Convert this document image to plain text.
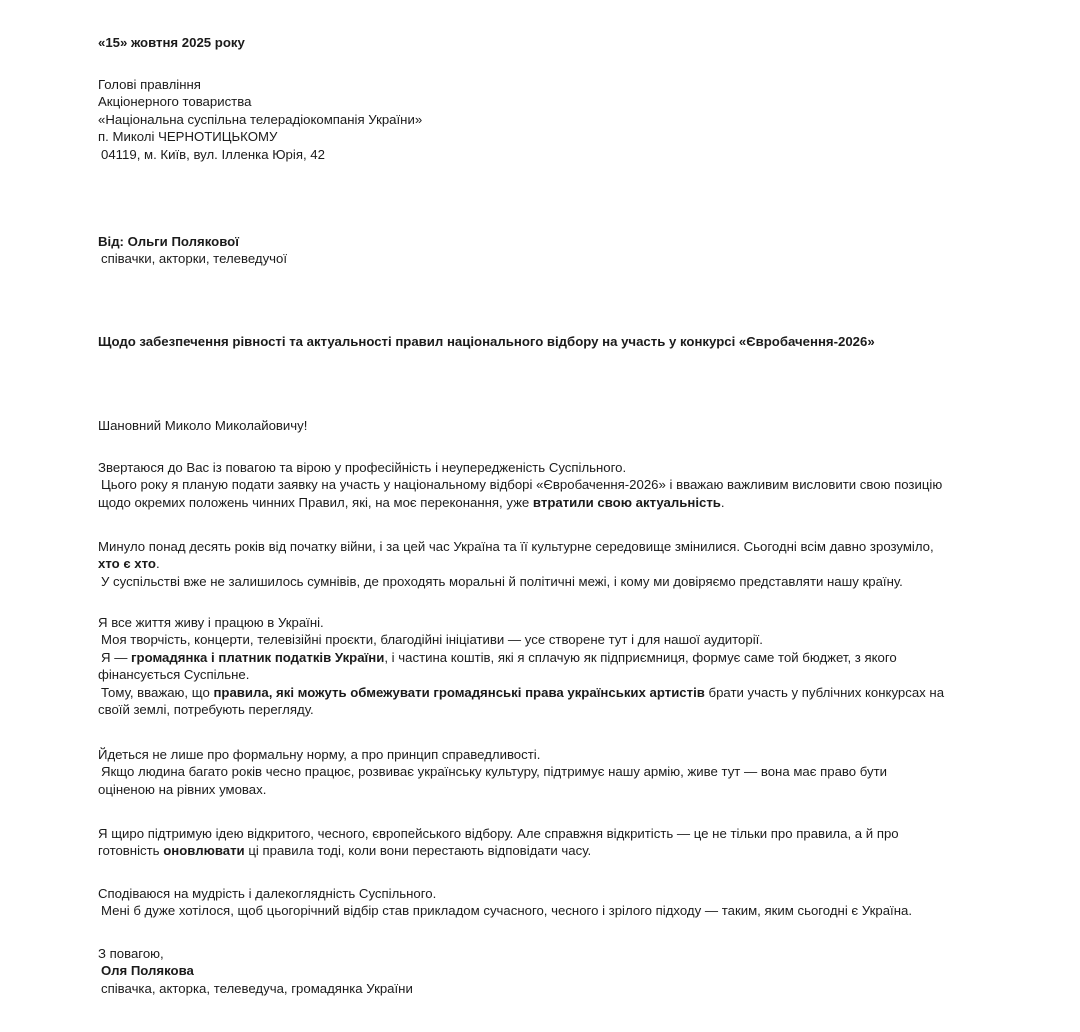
«15» жовтня 2025 року

Голові правління
Акціонерного товариства
«Національна суспільна телерадіокомпанія України»
п. Миколі ЧЕРНОТИЦЬКОМУ
04119, м. Київ, вул. Ілленка Юрія, 42

Від: Ольги Полякової
співачки, акторки, телеведучої

Щодо забезпечення рівності та актуальності правил національного відбору на участь у конкурсі «Євробачення-2026»

Шановний Миколо Миколайовичу!

Звертаюся до Вас із повагою та вірою у професійність і неупередженість Суспільного.
Цього року я планую подати заявку на участь у національному відборі «Євробачення-2026» і вважаю важливим висловити свою позицію
щодо окремих положень чинних Правил, які, на моє переконання, уже втратили свою актуальність.

Минуло понад десять років від початку війни, і за цей час Україна та її культурне середовище змінилися. Сьогодні всім давно зрозуміло,
хто є хто.
У суспільстві вже не залишилось сумнівів, де проходять моральні й політичні межі, і кому ми довіряємо представляти нашу країну.

Я все життя живу і працюю в Україні.
Моя творчість, концерти, телевізійні проєкти, благодійні ініціативи — усе створене тут і для нашої аудиторії.
Я — громадянка і платник податків України, і частина коштів, які я сплачую як підприємниця, формує саме той бюджет, з якого
фінансується Суспільне.
Тому, вважаю, що правила, які можуть обмежувати громадянські права українських артистів брати участь у публічних конкурсах на
своїй землі, потребують перегляду.

Йдеться не лише про формальну норму, а про принцип справедливості.
Якщо людина багато років чесно працює, розвиває українську культуру, підтримує нашу армію, живе тут — вона має право бути
оціненою на рівних умовах.

Я щиро підтримую ідею відкритого, чесного, європейського відбору. Але справжня відкритість — це не тільки про правила, а й про
готовність оновлювати ці правила тоді, коли вони перестають відповідати часу.

Сподіваюся на мудрість і далекоглядність Суспільного.
Мені б дуже хотілося, щоб цьогорічний відбір став прикладом сучасного, чесного і зрілого підходу — таким, яким сьогодні є Україна.

З повагою,
Оля Полякова
співачка, акторка, телеведуча, громадянка України
